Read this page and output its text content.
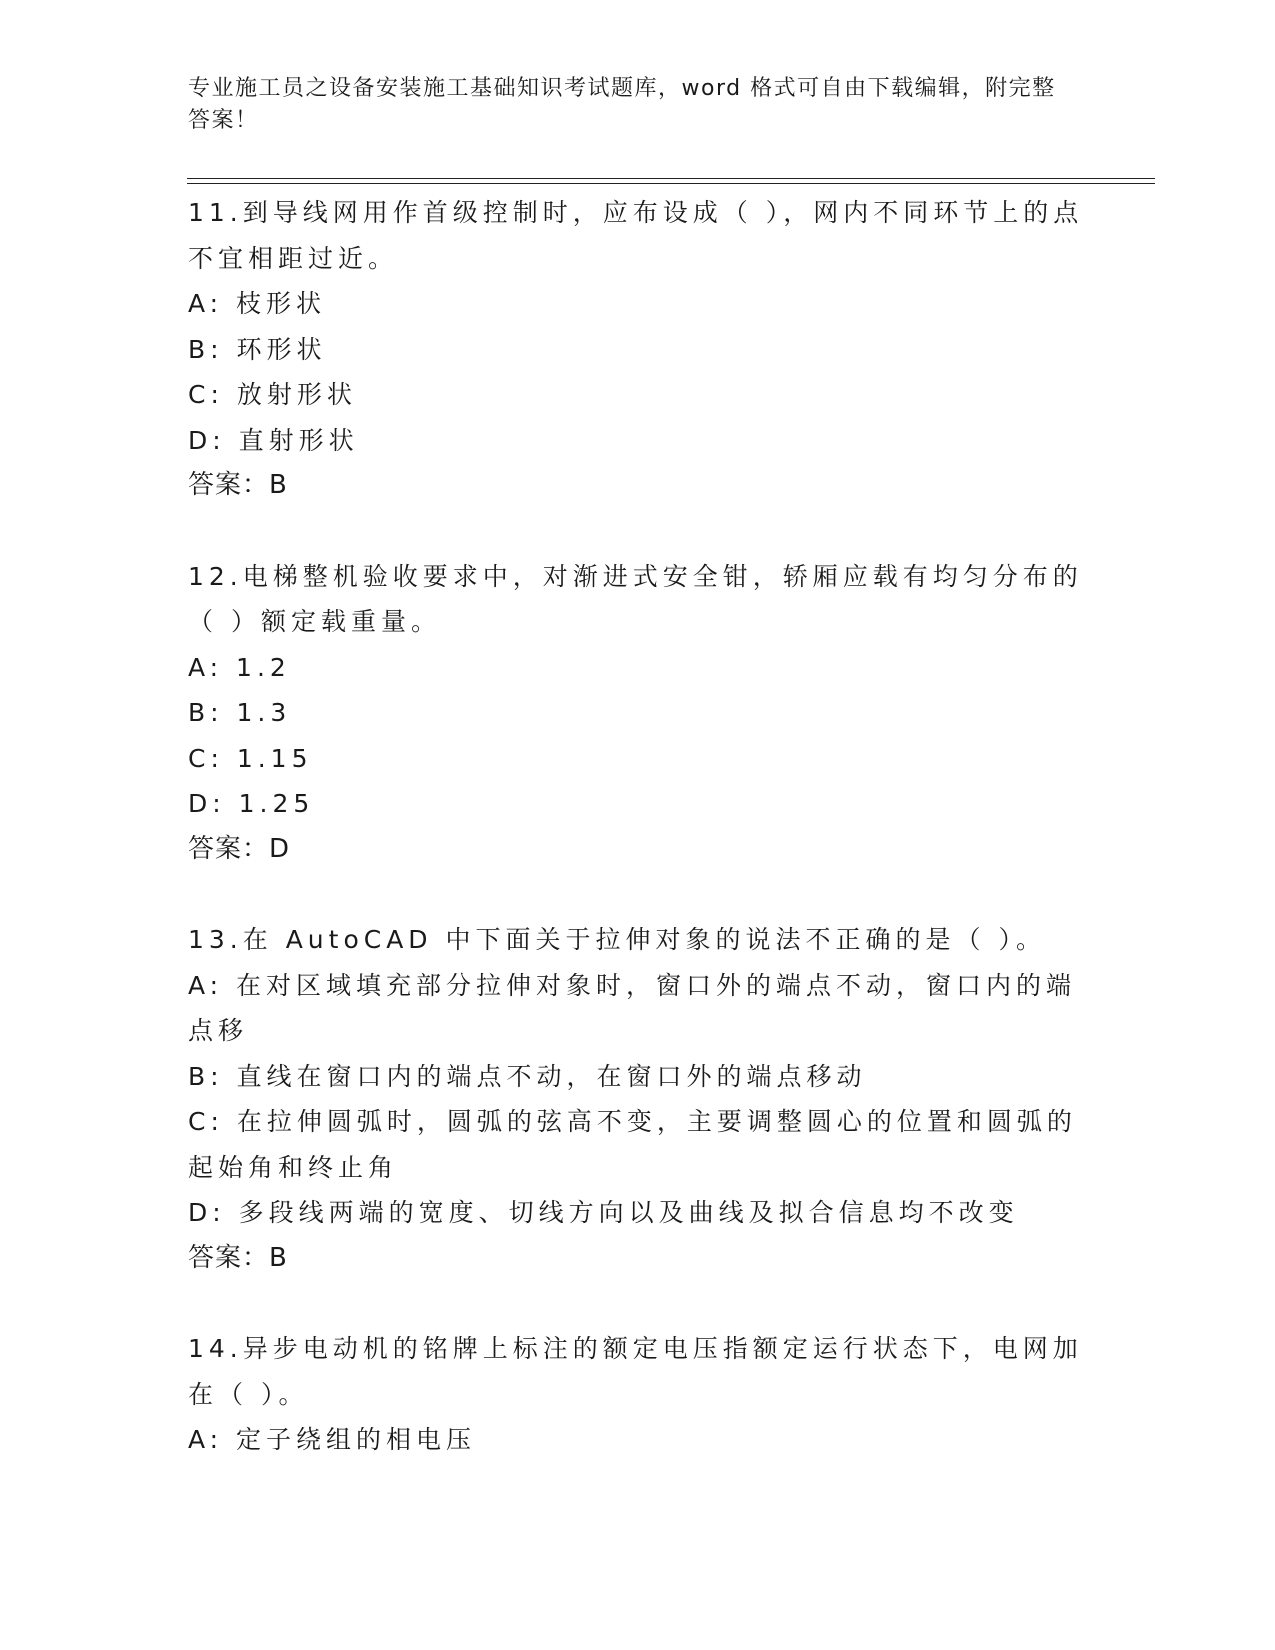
专业施工员之设备安装施工基础知识考试题库，word 格式可自由下载编辑，附完整答案！

11.到导线网用作首级控制时，应布设成（ ），网内不同环节上的点不宜相距过近。

A: 枝形状

B: 环形状

C: 放射形状

D: 直射形状

答案：B

12.电梯整机验收要求中，对渐进式安全钳，轿厢应载有均匀分布的（ ）额定载重量。

A: 1.2

B: 1.3

C: 1.15

D: 1.25

答案：D

13.在 AutoCAD 中下面关于拉伸对象的说法不正确的是（ ）。

A: 在对区域填充部分拉伸对象时，窗口外的端点不动，窗口内的端点移

B: 直线在窗口内的端点不动，在窗口外的端点移动

C: 在拉伸圆弧时，圆弧的弦高不变，主要调整圆心的位置和圆弧的起始角和终止角

D: 多段线两端的宽度、切线方向以及曲线及拟合信息均不改变

答案：B

14.异步电动机的铭牌上标注的额定电压指额定运行状态下，电网加在（ ）。

A: 定子绕组的相电压
